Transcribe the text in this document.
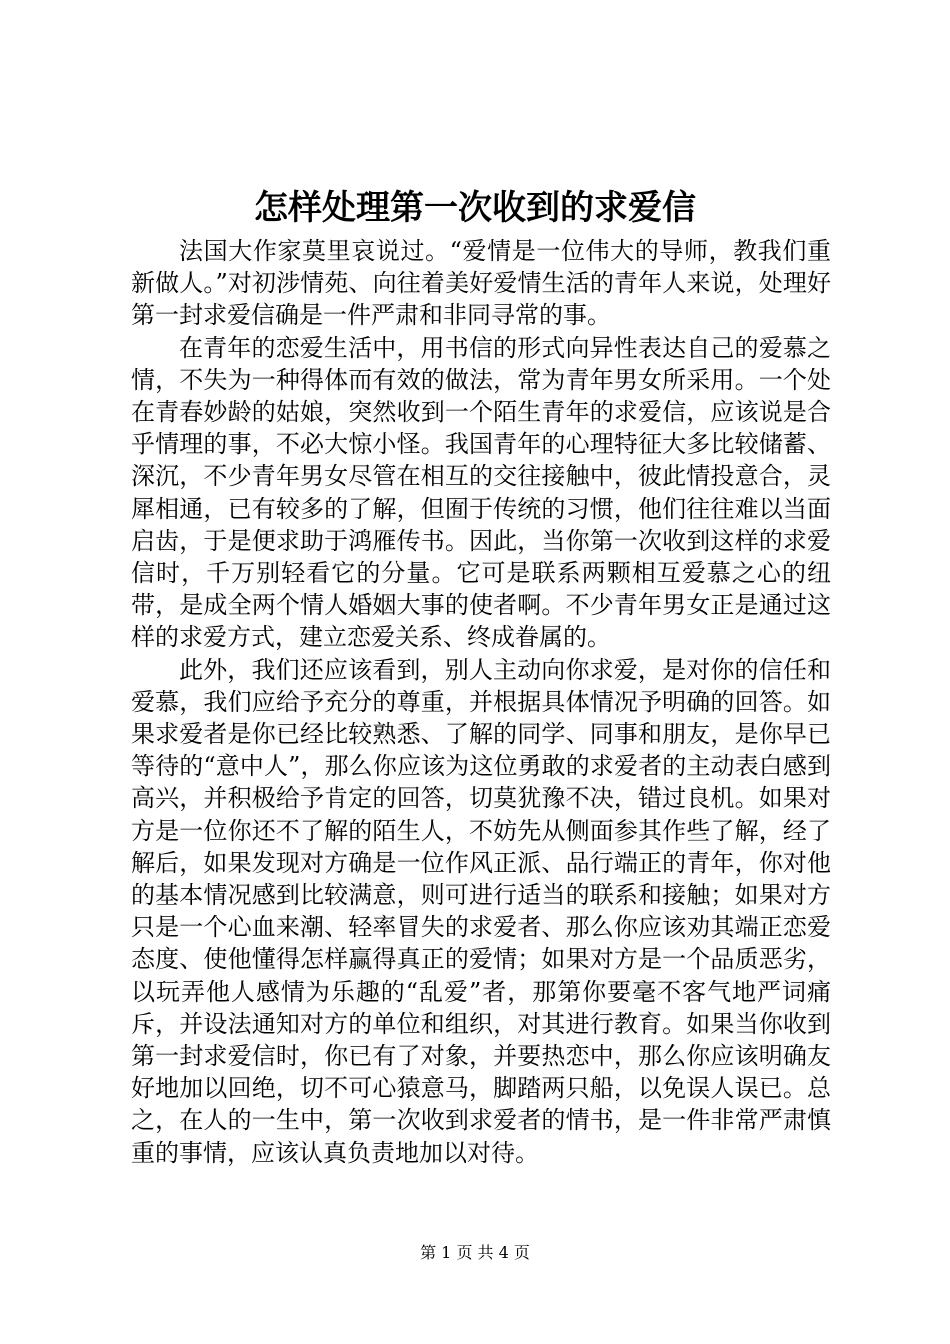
怎样处理第一次收到的求爱信

法国大作家莫里哀说过。“爱情是一位伟大的导师，教我们重新做人。”对初涉情苑、向往着美好爱情生活的青年人来说，处理好第一封求爱信确是一件严肃和非同寻常的事。

在青年的恋爱生活中，用书信的形式向异性表达自己的爱慕之情，不失为一种得体而有效的做法，常为青年男女所采用。一个处在青春妙龄的姑娘，突然收到一个陌生青年的求爱信，应该说是合乎情理的事，不必大惊小怪。我国青年的心理特征大多比较储蓄、深沉，不少青年男女尽管在相互的交往接触中，彼此情投意合，灵犀相通，已有较多的了解，但囿于传统的习惯，他们往往难以当面启齿，于是便求助于鸿雁传书。因此，当你第一次收到这样的求爱信时，千万别轻看它的分量。它可是联系两颗相互爱慕之心的纽带，是成全两个情人婚姻大事的使者啊。不少青年男女正是通过这样的求爱方式，建立恋爱关系、终成眷属的。

此外，我们还应该看到，别人主动向你求爱，是对你的信任和爱慕，我们应给予充分的尊重，并根据具体情况予明确的回答。如果求爱者是你已经比较熟悉、了解的同学、同事和朋友，是你早已等待的“意中人”，那么你应该为这位勇敢的求爱者的主动表白感到高兴，并积极给予肯定的回答，切莫犹豫不决，错过良机。如果对方是一位你还不了解的陌生人，不妨先从侧面参其作些了解，经了解后，如果发现对方确是一位作风正派、品行端正的青年，你对他的基本情况感到比较满意，则可进行适当的联系和接触；如果对方只是一个心血来潮、轻率冒失的求爱者、那么你应该劝其端正恋爱态度、使他懂得怎样赢得真正的爱情；如果对方是一个品质恶劣，以玩弄他人感情为乐趣的“乱爱”者，那第你要毫不客气地严词痛斥，并设法通知对方的单位和组织，对其进行教育。如果当你收到第一封求爱信时，你已有了对象，并要热恋中，那么你应该明确友好地加以回绝，切不可心猿意马，脚踏两只船，以免误人误已。总之，在人的一生中，第一次收到求爱者的情书，是一件非常严肃慎重的事情，应该认真负责地加以对待。

第 1 页 共 4 页
